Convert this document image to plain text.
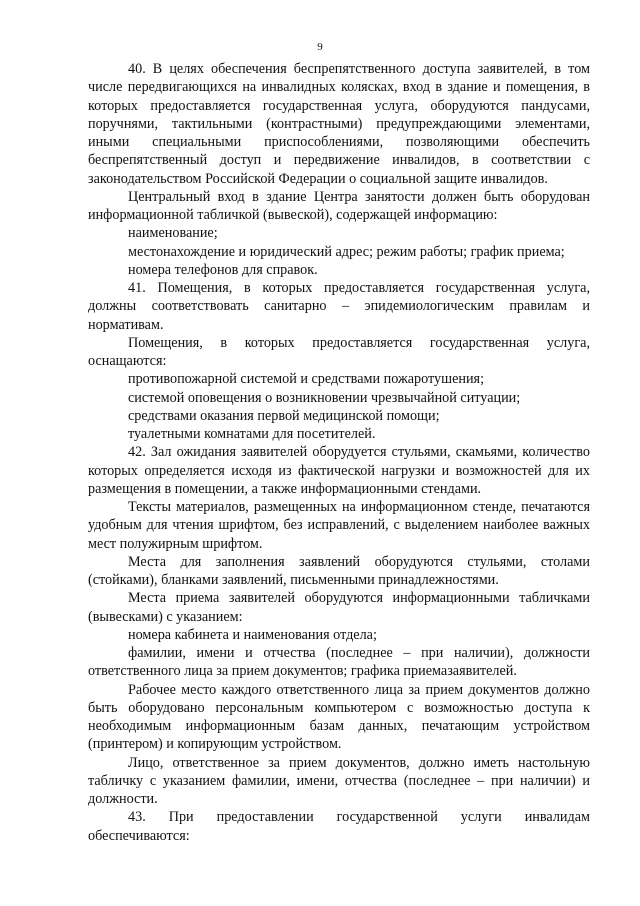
9

40. В целях обеспечения беспрепятственного доступа заявителей, в том числе передвигающихся на инвалидных колясках, вход в здание и помещения, в которых предоставляется государственная услуга, оборудуются пандусами, поручнями, тактильными (контрастными) предупреждающими элементами, иными специальными приспособлениями, позволяющими обеспечить беспрепятственный доступ и передвижение инвалидов, в соответствии с законодательством Российской Федерации о социальной защите инвалидов.

Центральный вход в здание Центра занятости должен быть оборудован информационной табличкой (вывеской), содержащей информацию:

наименование;

местонахождение и юридический адрес; режим работы; график приема;

номера телефонов для справок.

41. Помещения, в которых предоставляется государственная услуга, должны соответствовать санитарно – эпидемиологическим правилам и нормативам.

Помещения, в которых предоставляется государственная услуга, оснащаются:

противопожарной системой и средствами пожаротушения;

системой оповещения о возникновении чрезвычайной ситуации;

средствами оказания первой медицинской помощи;

туалетными комнатами для посетителей.

42. Зал ожидания заявителей оборудуется стульями, скамьями, количество которых определяется исходя из фактической нагрузки и возможностей для их размещения в помещении, а также информационными стендами.

Тексты материалов, размещенных на информационном стенде, печатаются удобным для чтения шрифтом, без исправлений, с выделением наиболее важных мест полужирным шрифтом.

Места для заполнения заявлений оборудуются стульями, столами (стойками), бланками заявлений, письменными принадлежностями.

Места приема заявителей оборудуются информационными табличками (вывесками) с указанием:

номера кабинета и наименования отдела;

фамилии, имени и отчества (последнее – при наличии), должности ответственного лица за прием документов; графика приемазаявителей.

Рабочее место каждого ответственного лица за прием документов должно быть оборудовано персональным компьютером с возможностью доступа к необходимым информационным базам данных, печатающим устройством (принтером) и копирующим устройством.

Лицо, ответственное за прием документов, должно иметь настольную табличку с указанием фамилии, имени, отчества (последнее – при наличии) и должности.

43. При предоставлении государственной услуги инвалидам обеспечиваются:
